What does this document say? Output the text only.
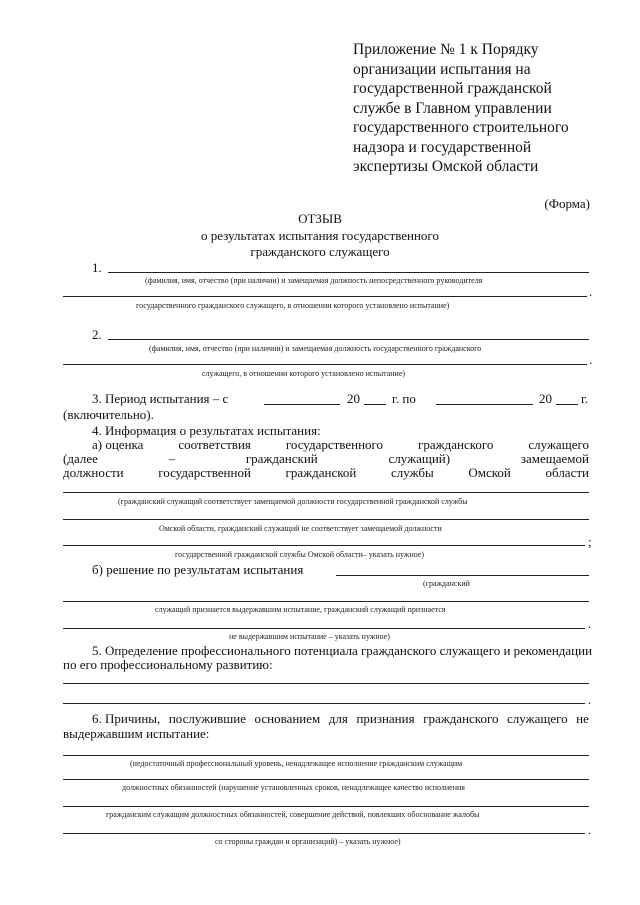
Приложение № 1 к Порядку
организации испытания на
государственной гражданской
службе в Главном управлении
государственного строительного
надзора и государственной
экспертизы Омской области
(Форма)
ОТЗЫВ
о результатах испытания государственного
гражданского служащего
1.
(фамилия, имя, отчество (при наличии) и замещаемая должность непосредственного руководителя
.
государственного гражданского служащего, в отношении которого установлено испытание)
2.
(фамилия, имя, отчество (при наличии) и замещаемая должность государственного гражданского
.
служащего, в отношении которого установлено испытание)
3. Период испытания – с	20 г. по	20 г.
(включительно).
4. Информация о результатах испытания:
а) оценка	соответствия	государственного	гражданского	служащего
(далее	–	гражданский	служащий)	замещаемой
должности	государственной	гражданской	службы	Омской	области
(гражданский служащий соответствует замещаемой должности государственной гражданской службы
Омской области, гражданский служащий не соответствует замещаемой должности
;
государственной гражданской службы Омской области– указать нужное)
б) решение по результатам испытания
(гражданский
служащий признается выдержавшим испытание, гражданский служащий признается
.
не выдержавшим испытание – указать нужное)
5. Определение профессионального потенциала гражданского служащего и рекомендации
по его профессиональному развитию:
.
6. Причины, послужившие основанием для признания гражданского служащего не
выдержавшим испытание:
(недостаточный профессиональный уровень, ненадлежащее исполнение гражданским служащим
должностных обязанностей (нарушение установленных сроков, ненадлежащее качество исполнения
гражданским служащим должностных обязанностей, совершение действий, повлекших обоснование жалобы
.
со стороны граждан и организаций) – указать нужное)
